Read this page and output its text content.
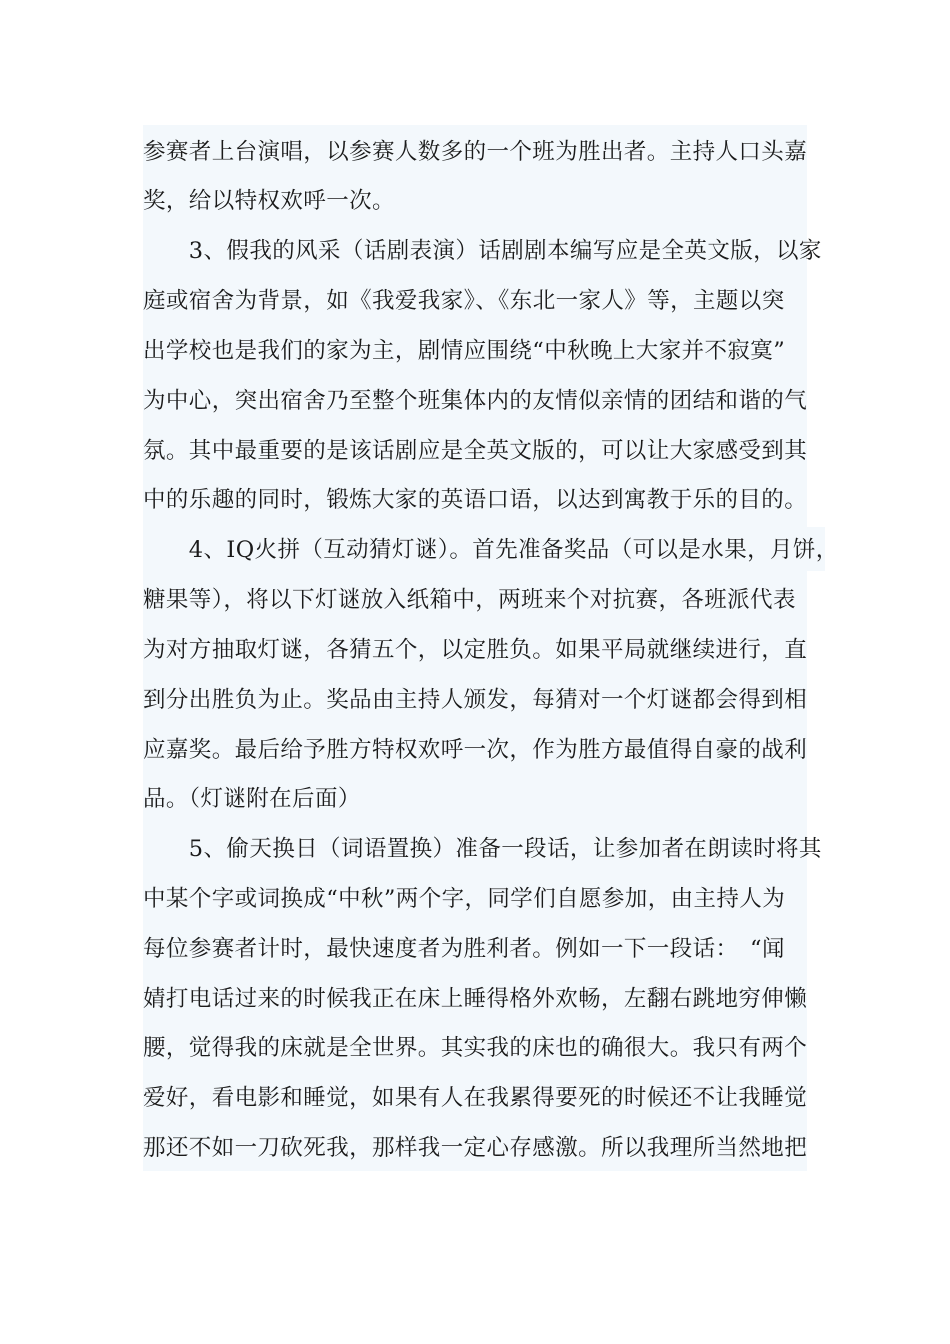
参赛者上台演唱，以参赛人数多的一个班为胜出者。主持人口头嘉
奖，给以特权欢呼一次。
　　3、假我的风采（话剧表演）话剧剧本编写应是全英文版，以家
庭或宿舍为背景，如《我爱我家》、《东北一家人》等，主题以突
出学校也是我们的家为主，剧情应围绕“中秋晚上大家并不寂寞”
为中心，突出宿舍乃至整个班集体内的友情似亲情的团结和谐的气
氛。其中最重要的是该话剧应是全英文版的，可以让大家感受到其
中的乐趣的同时，锻炼大家的英语口语，以达到寓教于乐的目的。
　　4、IQ火拼（互动猜灯谜）。首先准备奖品（可以是水果，月饼，
糖果等），将以下灯谜放入纸箱中，两班来个对抗赛，各班派代表
为对方抽取灯谜，各猜五个，以定胜负。如果平局就继续进行，直
到分出胜负为止。奖品由主持人颁发，每猜对一个灯谜都会得到相
应嘉奖。最后给予胜方特权欢呼一次，作为胜方最值得自豪的战利
品。（灯谜附在后面）
　　5、偷天换日（词语置换）准备一段话，让参加者在朗读时将其
中某个字或词换成“中秋”两个字，同学们自愿参加，由主持人为
每位参赛者计时，最快速度者为胜利者。例如一下一段话：　“闻
婧打电话过来的时候我正在床上睡得格外欢畅，左翻右跳地穷伸懒
腰，觉得我的床就是全世界。其实我的床也的确很大。我只有两个
爱好，看电影和睡觉，如果有人在我累得要死的时候还不让我睡觉
那还不如一刀砍死我，那样我一定心存感激。所以我理所当然地把
